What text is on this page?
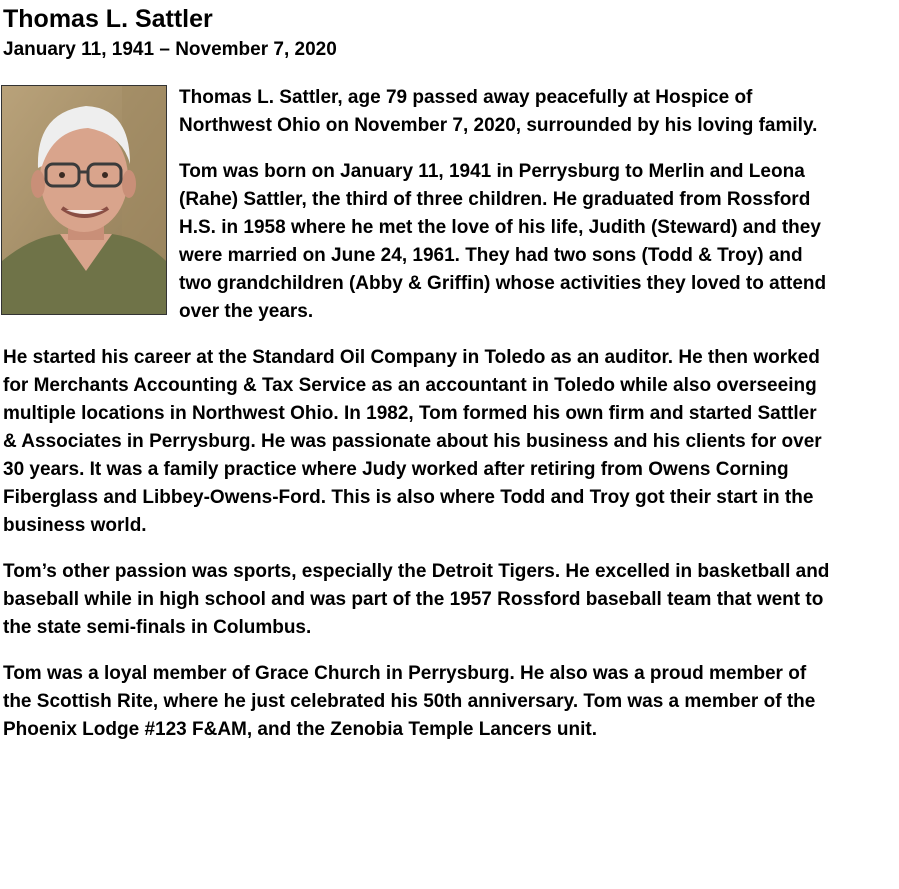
Thomas L. Sattler
January 11, 1941 – November 7, 2020

Thomas L. Sattler, age 79 passed away peacefully at Hospice of Northwest Ohio on November 7, 2020, surrounded by his loving family.

Tom was born on January 11, 1941 in Perrysburg to Merlin and Leona (Rahe) Sattler, the third of three children. He graduated from Rossford H.S. in 1958 where he met the love of his life, Judith (Steward) and they were married on June 24, 1961. They had two sons (Todd & Troy) and two grandchildren (Abby & Griffin) whose activities they loved to attend over the years.

He started his career at the Standard Oil Company in Toledo as an auditor. He then worked for Merchants Accounting & Tax Service as an accountant in Toledo while also overseeing multiple locations in Northwest Ohio. In 1982, Tom formed his own firm and started Sattler & Associates in Perrysburg. He was passionate about his business and his clients for over 30 years. It was a family practice where Judy worked after retiring from Owens Corning Fiberglass and Libbey-Owens-Ford. This is also where Todd and Troy got their start in the business world.

Tom’s other passion was sports, especially the Detroit Tigers. He excelled in basketball and baseball while in high school and was part of the 1957 Rossford baseball team that went to the state semi-finals in Columbus.

Tom was a loyal member of Grace Church in Perrysburg. He also was a proud member of the Scottish Rite, where he just celebrated his 50th anniversary. Tom was a member of the Phoenix Lodge #123 F&AM, and the Zenobia Temple Lancers unit.
